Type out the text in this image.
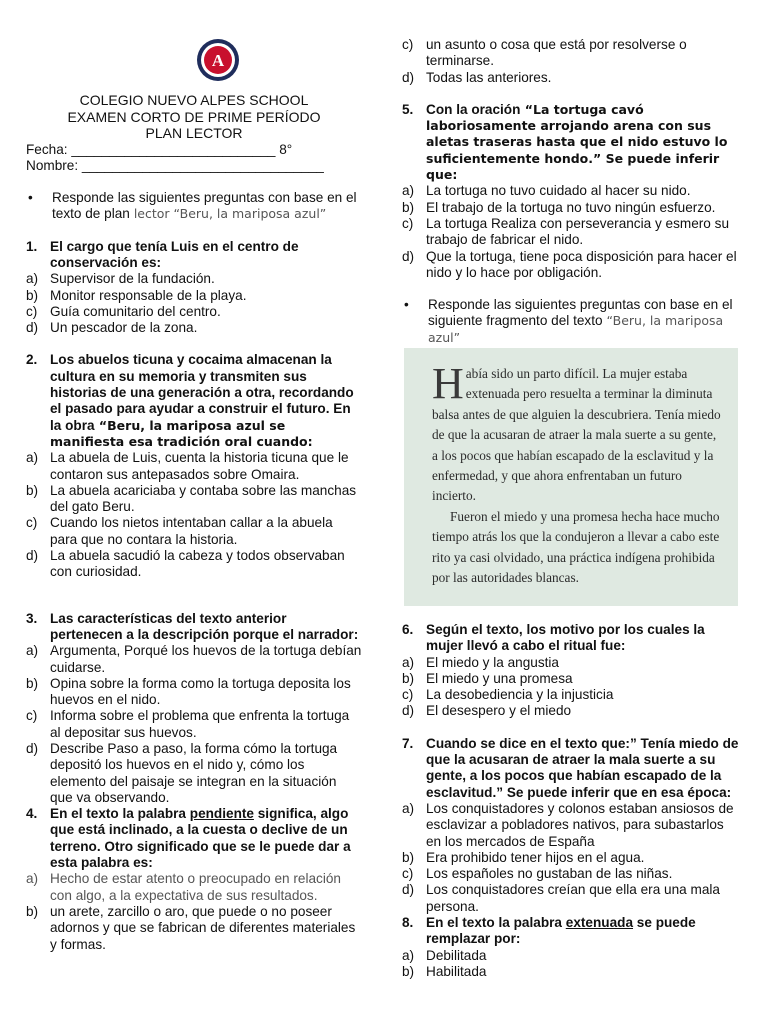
A
COLEGIO NUEVO ALPES SCHOOL
EXAMEN CORTO DE PRIME PERÍODO
PLAN LECTOR
Fecha: ___________________________ 8°
Nombre: ________________________________
•	Responde las siguientes preguntas con base en el texto de plan lector “Beru, la mariposa azul”
1. El cargo que tenía Luis en el centro de conservación es:
a) Supervisor de la fundación.
b) Monitor responsable de la playa.
c) Guía comunitario del centro.
d) Un pescador de la zona.
2. Los abuelos ticuna y cocaima almacenan la cultura en su memoria y transmiten sus historias de una generación a otra, recordando el pasado para ayudar a construir el futuro. En la obra “Beru, la mariposa azul se manifiesta esa tradición oral cuando:
a) La abuela de Luis, cuenta la historia ticuna que le contaron sus antepasados sobre Omaira.
b) La abuela acariciaba y contaba sobre las manchas del gato Beru.
c) Cuando los nietos intentaban callar a la abuela para que no contara la historia.
d) La abuela sacudió la cabeza y todos observaban con curiosidad.
3. Las características del texto anterior pertenecen a la descripción porque el narrador:
a) Argumenta, Porqué los huevos de la tortuga debían cuidarse.
b) Opina sobre la forma como la tortuga deposita los huevos en el nido.
c) Informa sobre el problema que enfrenta la tortuga al depositar sus huevos.
d) Describe Paso a paso, la forma cómo la tortuga depositó los huevos en el nido y, cómo los elemento del paisaje se integran en la situación que va observando.
4. En el texto la palabra pendiente significa, algo que está inclinado, a la cuesta o declive de un terreno. Otro significado que se le puede dar a esta palabra es:
a) Hecho de estar atento o preocupado en relación con algo, a la expectativa de sus resultados.
b) un arete, zarcillo o aro, que puede o no poseer adornos y que se fabrican de diferentes materiales y formas.
c) un asunto o cosa que está por resolverse o terminarse.
d) Todas las anteriores.
5. Con la oración “La tortuga cavó laboriosamente arrojando arena con sus aletas traseras hasta que el nido estuvo lo suficientemente hondo.” Se puede inferir que:
a) La tortuga no tuvo cuidado al hacer su nido.
b) El trabajo de la tortuga no tuvo ningún esfuerzo.
c) La tortuga Realiza con perseverancia y esmero su trabajo de fabricar el nido.
d) Que la tortuga, tiene poca disposición para hacer el nido y lo hace por obligación.
•	Responde las siguientes preguntas con base en el siguiente fragmento del texto “Beru, la mariposa azul”
H abía sido un parto difícil. La mujer estaba extenuada pero resuelta a terminar la diminuta balsa antes de que alguien la descubriera. Tenía miedo de que la acusaran de atraer la mala suerte a su gente, a los pocos que habían escapado de la esclavitud y la enfermedad, y que ahora enfrentaban un futuro incierto.
Fueron el miedo y una promesa hecha hace mucho tiempo atrás los que la condujeron a llevar a cabo este rito ya casi olvidado, una práctica indígena prohibida por las autoridades blancas.
6. Según el texto, los motivo por los cuales la mujer llevó a cabo el ritual fue:
a) El miedo y la angustia
b) El miedo y una promesa
c) La desobediencia y la injusticia
d) El desespero y el miedo
7. Cuando se dice en el texto que:” Tenía miedo de que la acusaran de atraer la mala suerte a su gente, a los pocos que habían escapado de la esclavitud.” Se puede inferir que en esa época:
a) Los conquistadores y colonos estaban ansiosos de esclavizar a pobladores nativos, para subastarlos en los mercados de España
b) Era prohibido tener hijos en el agua.
c) Los españoles no gustaban de las niñas.
d) Los conquistadores creían que ella era una mala persona.
8. En el texto la palabra extenuada se puede remplazar por:
a) Debilitada
b) Habilitada
